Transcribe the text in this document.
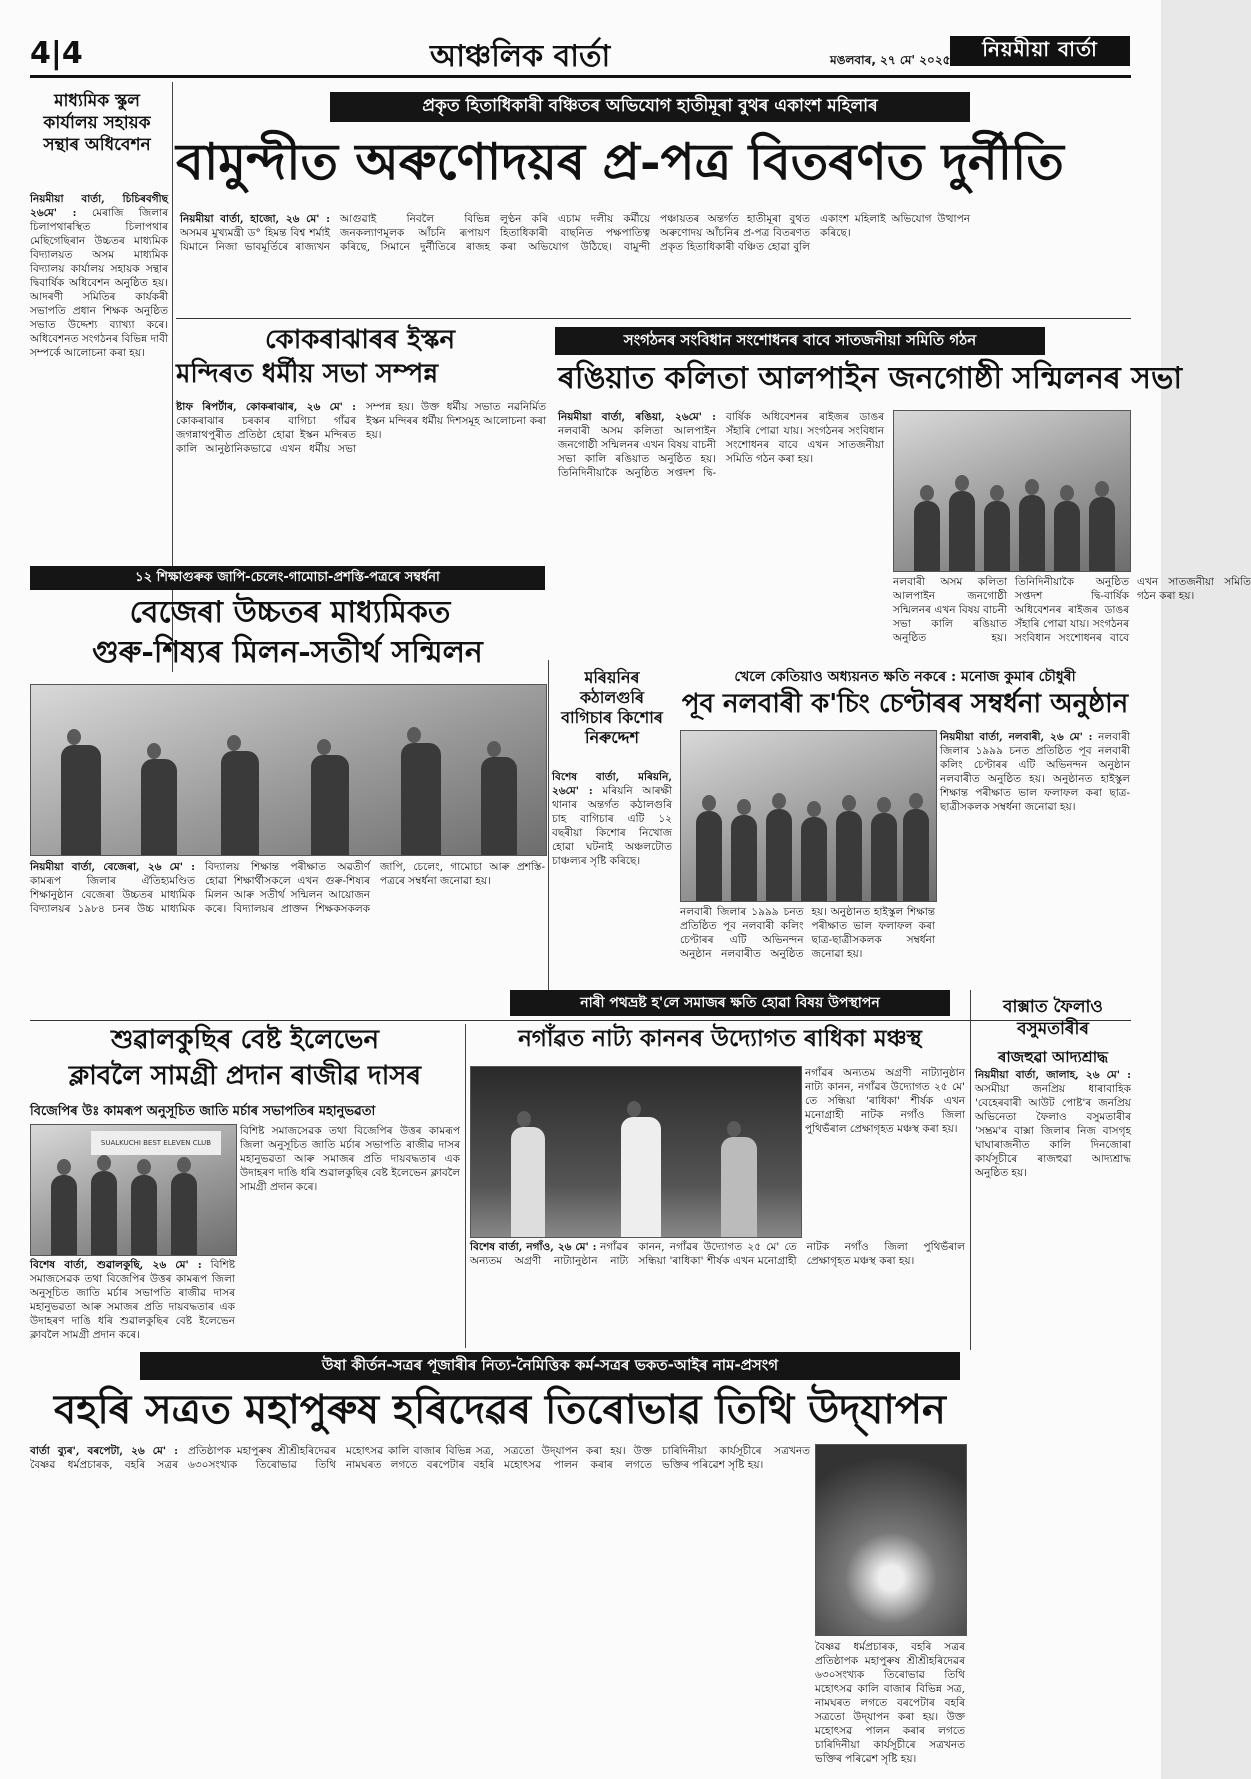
4|4	আঞ্চলিক বাৰ্তা	মঙলবাৰ, ২৭ মে' ২০২৫	নিয়মীয়া বাৰ্তা
মাধ্যমিক স্কুল কাৰ্যালয় সহায়ক সন্থাৰ অধিবেশন
নিয়মীয়া বাৰ্তা, চিচিৰবগীছ ২৬মে' : মেৰাজি জিলাৰ চিলাপথাৰস্থিত চিলাপথাৰ মেছিগেছিৰান উচ্চতৰ মাধ্যমিক বিদ্যালয়ত অসম মাধ্যমিক বিদ্যালয় কাৰ্যালয় সহায়ক সন্থাৰ দ্বিবাৰ্ষিক অধিবেশন অনুষ্ঠিত হয়। আদৰণী সমিতিৰ কাৰ্যকৰী সভাপতি প্ৰধান শিক্ষক অনুষ্ঠিত সভাত উদ্দেশ্য ব্যাখ্যা কৰে। অধিবেশনত সংগঠনৰ বিভিন্ন দাবী সম্পৰ্কে আলোচনা কৰা হয়।
প্ৰকৃত হিতাধিকাৰী বঞ্চিতৰ অভিযোগ হাতীমূৰা বুথৰ একাংশ মহিলাৰ
বামুন্দীত অৰুণোদয়ৰ প্ৰ-পত্ৰ বিতৰণত দুৰ্নীতি
নিয়মীয়া বাৰ্তা, হাজো, ২৬ মে' : অসমৰ মুখ্যমন্ত্ৰী ড° হিমন্ত বিশ্ব শৰ্মাই যিমানে নিজা ভাবমূৰ্তিৰে ৰাজ্যখন আগুৱাই নিবলৈ বিভিন্ন জনকল্যাণমূলক আঁচনি ৰূপায়ণ কৰিছে, সিমানে দুৰ্নীতিৰে ৰাজহ লুণ্ঠন কৰি এচাম দলীয় কৰ্মীয়ে হিতাধিকাৰী বাছনিত পক্ষপাতিত্ব কৰা অভিযোগ উঠিছে। বামুন্দী পঞ্চায়তৰ অন্তৰ্গত হাতীমূৰা বুথত অৰুণোদয় আঁচনিৰ প্ৰ-পত্ৰ বিতৰণত প্ৰকৃত হিতাধিকাৰী বঞ্চিত হোৱা বুলি একাংশ মহিলাই অভিযোগ উত্থাপন কৰিছে।
কোকৰাঝাৰৰ ইস্কন
মন্দিৰত ধৰ্মীয় সভা সম্পন্ন
ষ্টাফ ৰিপৰ্টাৰ, কোকৰাঝাৰ, ২৬ মে' : কোকৰাঝাৰ চৰকাৰ বাগিচা গাঁৱৰ জগন্নাথপুৰীত প্ৰতিষ্ঠা হোৱা ইস্কন মন্দিৰত কালি আনুষ্ঠানিকভাৱে এখন ধৰ্মীয় সভা সম্পন্ন হয়। উক্ত ধৰ্মীয় সভাত নৱনিৰ্মিত ইস্কন মন্দিৰৰ ধৰ্মীয় দিশসমূহ আলোচনা কৰা হয়।
সংগঠনৰ সংবিধান সংশোধনৰ বাবে সাতজনীয়া সমিতি গঠন
ৰঙিয়াত কলিতা আলপাইন জনগোষ্ঠী সন্মিলনৰ সভা
নিয়মীয়া বাৰ্তা, ৰঙিয়া, ২৬মে' : নলবাৰী অসম কলিতা আলপাইন জনগোষ্ঠী সন্মিলনৰ এখন বিষয় বাচনী সভা কালি ৰঙিয়াত অনুষ্ঠিত হয়। তিনিদিনীয়াকৈ অনুষ্ঠিত সপ্তদশ দ্বি-বাৰ্ষিক অধিবেশনৰ ৰাইজৰ ডাঙৰ সঁহাৰি পোৱা যায়। সংগঠনৰ সংবিধান সংশোধনৰ বাবে এখন সাতজনীয়া সমিতি গঠন কৰা হয়।
নলবাৰী অসম কলিতা আলপাইন জনগোষ্ঠী সন্মিলনৰ এখন বিষয় বাচনী সভা কালি ৰঙিয়াত অনুষ্ঠিত হয়। তিনিদিনীয়াকৈ অনুষ্ঠিত সপ্তদশ দ্বি-বাৰ্ষিক অধিবেশনৰ ৰাইজৰ ডাঙৰ সঁহাৰি পোৱা যায়। সংগঠনৰ সংবিধান সংশোধনৰ বাবে এখন সাতজনীয়া সমিতি গঠন কৰা হয়।
১২ শিক্ষাগুৰুক জাপি-চেলেং-গামোচা-প্ৰশস্তি-পত্ৰৰে সম্বৰ্ধনা
বেজেৰা উচ্চতৰ মাধ্যমিকত
গুৰু-শিষ্যৰ মিলন-সতীৰ্থ সন্মিলন
নিয়মীয়া বাৰ্তা, বেজেৰা, ২৬ মে' : কামৰূপ জিলাৰ ঐতিহ্যমণ্ডিত শিক্ষানুষ্ঠান বেজেৰা উচ্চতৰ মাধ্যমিক বিদ্যালয়ৰ ১৯৮৪ চনৰ উচ্চ মাধ্যমিক বিদ্যালয় শিক্ষান্ত পৰীক্ষাত অৱতীৰ্ণ হোৱা শিক্ষাৰ্থীসকলে এখন গুৰু-শিষ্যৰ মিলন আৰু সতীৰ্থ সন্মিলন আয়োজন কৰে। বিদ্যালয়ৰ প্ৰাক্তন শিক্ষকসকলক জাপি, চেলেং, গামোচা আৰু প্ৰশস্তি-পত্ৰৰে সম্বৰ্ধনা জনোৱা হয়।
মৰিয়নিৰ কঠালগুৰি বাগিচাৰ কিশোৰ নিৰুদ্দেশ
বিশেষ বাৰ্তা, মৰিয়নি, ২৬মে' : মৰিয়নি আৰক্ষী থানাৰ অন্তৰ্গত কঠালগুৰি চাহ বাগিচাৰ এটি ১২ বছৰীয়া কিশোৰ নিখোজ হোৱা ঘটনাই অঞ্চলটোত চাঞ্চল্যৰ সৃষ্টি কৰিছে।
খেলে কেতিয়াও অধ্যয়নত ক্ষতি নকৰে : মনোজ কুমাৰ চৌধুৰী
পূব নলবাৰী ক'চিং চেণ্টাৰৰ সম্বৰ্ধনা অনুষ্ঠান
নিয়মীয়া বাৰ্তা, নলবাৰী, ২৬ মে' : নলবাৰী জিলাৰ ১৯৯৯ চনত প্ৰতিষ্ঠিত পূব নলবাৰী কলিং চেণ্টাৰৰ এটি অভিনন্দন অনুষ্ঠান নলবাৰীত অনুষ্ঠিত হয়। অনুষ্ঠানত হাইস্কুল শিক্ষান্ত পৰীক্ষাত ভাল ফলাফল কৰা ছাত্ৰ-ছাত্ৰীসকলক সম্বৰ্ধনা জনোৱা হয়।
নলবাৰী জিলাৰ ১৯৯৯ চনত প্ৰতিষ্ঠিত পূব নলবাৰী কলিং চেণ্টাৰৰ এটি অভিনন্দন অনুষ্ঠান নলবাৰীত অনুষ্ঠিত হয়। অনুষ্ঠানত হাইস্কুল শিক্ষান্ত পৰীক্ষাত ভাল ফলাফল কৰা ছাত্ৰ-ছাত্ৰীসকলক সম্বৰ্ধনা জনোৱা হয়।
নাৰী পথভ্ৰষ্ট হ'লে সমাজৰ ক্ষতি হোৱা বিষয় উপস্থাপন
শুৱালকুছিৰ বেষ্ট ইলেভেন
ক্লাবলৈ সামগ্ৰী প্ৰদান ৰাজীৱ দাসৰ
বিজেপিৰ উঃ কামৰূপ অনুসূচিত জাতি মৰ্চাৰ সভাপতিৰ মহানুভৱতা
SUALKUCHI BEST ELEVEN CLUB
বিশিষ্ট সমাজসেৱক তথা বিজেপিৰ উত্তৰ কামৰূপ জিলা অনুসূচিত জাতি মৰ্চাৰ সভাপতি ৰাজীৱ দাসৰ মহানুভৱতা আৰু সমাজৰ প্ৰতি দায়বদ্ধতাৰ এক উদাহৰণ দাঙি ধৰি শুৱালকুছিৰ বেষ্ট ইলেভেন ক্লাবলৈ সামগ্ৰী প্ৰদান কৰে।
বিশেষ বাৰ্তা, শুৱালকুছি, ২৬ মে' : বিশিষ্ট সমাজসেৱক তথা বিজেপিৰ উত্তৰ কামৰূপ জিলা অনুসূচিত জাতি মৰ্চাৰ সভাপতি ৰাজীৱ দাসৰ মহানুভৱতা আৰু সমাজৰ প্ৰতি দায়বদ্ধতাৰ এক উদাহৰণ দাঙি ধৰি শুৱালকুছিৰ বেষ্ট ইলেভেন ক্লাবলৈ সামগ্ৰী প্ৰদান কৰে।
নগাঁৱত নাট্য কাননৰ উদ্যোগত ৰাধিকা মঞ্চস্থ
নগাঁৱৰ অন্যতম অগ্ৰণী নাট্যানুষ্ঠান নাট্য কানন, নগাঁৱৰ উদ্যোগত ২৫ মে' তে সন্ধিয়া 'ৰাধিকা' শীৰ্ষক এখন মনোগ্ৰাহী নাটক নগাঁও জিলা পুথিভঁৰাল প্ৰেক্ষাগৃহত মঞ্চস্থ কৰা হয়।
বিশেষ বাৰ্তা, নগাঁও, ২৬ মে' : নগাঁৱৰ অন্যতম অগ্ৰণী নাট্যানুষ্ঠান নাট্য কানন, নগাঁৱৰ উদ্যোগত ২৫ মে' তে সন্ধিয়া 'ৰাধিকা' শীৰ্ষক এখন মনোগ্ৰাহী নাটক নগাঁও জিলা পুথিভঁৰাল প্ৰেক্ষাগৃহত মঞ্চস্থ কৰা হয়।
বাক্সাত ফৈলাও বসুমতাৰীৰ
ৰাজহুৱা আদ্যশ্ৰাদ্ধ
নিয়মীয়া বাৰ্তা, জালাহ, ২৬ মে' : অসমীয়া জনপ্ৰিয় ধাৰাবাহিক 'বেহেৰবাৰী আউট পোষ্ট'ৰ জনপ্ৰিয় অভিনেতা ফৈলাও বসুমতাৰীৰ 'সম্ভ্ৰম'ৰ বাক্সা জিলাৰ নিজ বাসগৃহ ঘাঘাৰাজনীত কালি দিনজোৰা কাৰ্যসূচীৰে ৰাজহুৱা আদ্যশ্ৰাদ্ধ অনুষ্ঠিত হয়।
উষা কীৰ্তন-সত্ৰৰ পূজাৰীৰ নিত্য-নৈমিত্তিক কৰ্ম-সত্ৰৰ ভকত-আইৰ নাম-প্ৰসংগ
বহৰি সত্ৰত মহাপুৰুষ হৰিদেৱৰ তিৰোভাৱ তিথি উদ্‌যাপন
বাৰ্তা ব্যুৰ', বৰপেটা, ২৬ মে' : বৈষ্ণৱ ধৰ্মপ্ৰচাৰক, বহৰি সত্ৰৰ প্ৰতিষ্ঠাপক মহাপুৰুষ শ্ৰীশ্ৰীহৰিদেৱৰ ৬৩০সংখ্যক তিৰোভাৱ তিথি মহোৎসৱ কালি বাজাৰ বিভিন্ন সত্ৰ, নামঘৰত লগতে বৰপেটাৰ বহৰি সত্ৰতো উদ্‌যাপন কৰা হয়। উক্ত মহোৎসৱ পালন কৰাৰ লগতে চাৰিদিনীয়া কাৰ্যসূচীৰে সত্ৰখনত ভক্তিৰ পৰিৱেশ সৃষ্টি হয়।
বৈষ্ণৱ ধৰ্মপ্ৰচাৰক, বহৰি সত্ৰৰ প্ৰতিষ্ঠাপক মহাপুৰুষ শ্ৰীশ্ৰীহৰিদেৱৰ ৬৩০সংখ্যক তিৰোভাৱ তিথি মহোৎসৱ কালি বাজাৰ বিভিন্ন সত্ৰ, নামঘৰত লগতে বৰপেটাৰ বহৰি সত্ৰতো উদ্‌যাপন কৰা হয়। উক্ত মহোৎসৱ পালন কৰাৰ লগতে চাৰিদিনীয়া কাৰ্যসূচীৰে সত্ৰখনত ভক্তিৰ পৰিৱেশ সৃষ্টি হয়।
